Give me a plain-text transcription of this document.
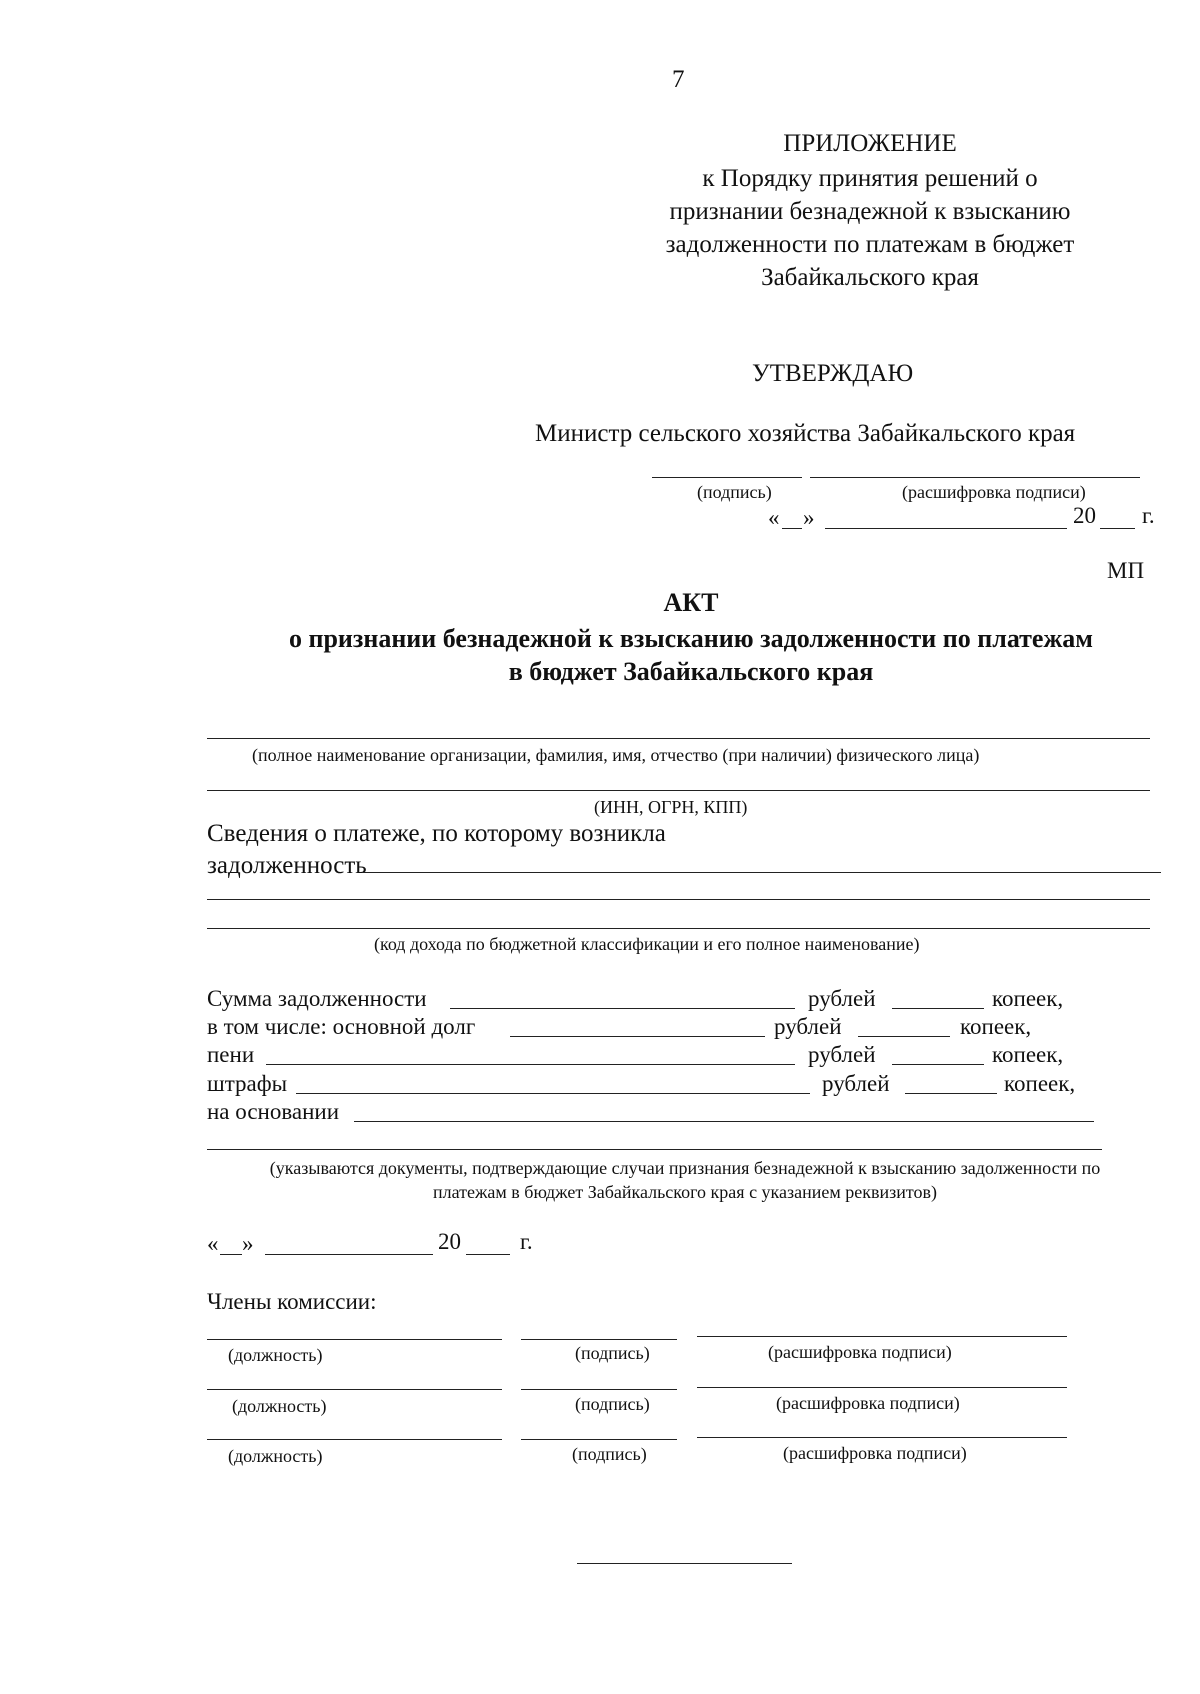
7
ПРИЛОЖЕНИЕ
к Порядку принятия решений о
признании безнадежной к взысканию
задолженности по платежам в бюджет
Забайкальского края
УТВЕРЖДАЮ
Министр сельского хозяйства Забайкальского края
(подпись)	(расшифровка подписи)
« »	20 г.
МП
АКТ
о признании безнадежной к взысканию задолженности по платежам
в бюджет Забайкальского края
(полное наименование организации, фамилия, имя, отчество (при наличии) физического лица)
(ИНН, ОГРН, КПП)
Сведения о платеже, по которому возникла
задолженность
(код дохода по бюджетной классификации и его полное наименование)
Сумма задолженности	рублей	копеек,
в том числе: основной долг	рублей	копеек,
пени	рублей	копеек,
штрафы	рублей	копеек,
на основании
(указываются документы, подтверждающие случаи признания безнадежной к взысканию задолженности по
платежам в бюджет Забайкальского края с указанием реквизитов)
« »	20	г.
Члены комиссии:
(должность)	(подпись)	(расшифровка подписи)
(должность)	(подпись)	(расшифровка подписи)
(должность)	(подпись)	(расшифровка подписи)
